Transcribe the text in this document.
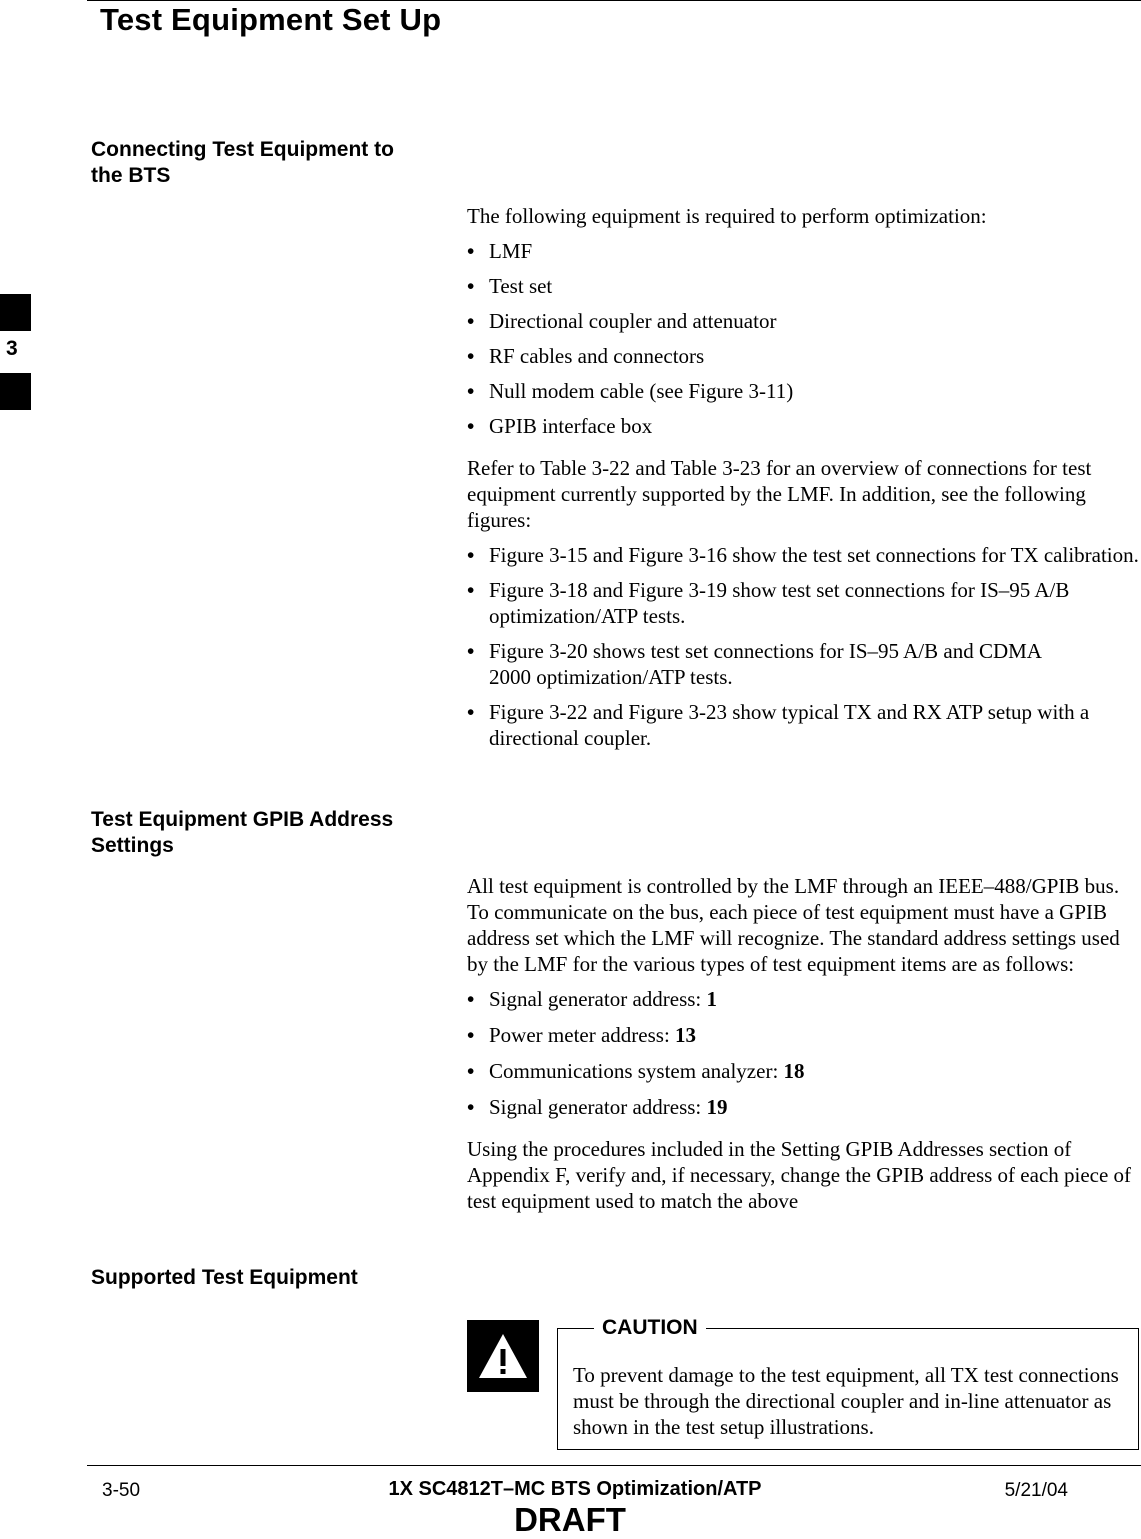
Test Equipment Set Up
3
Connecting Test Equipment to
the BTS

The following equipment is required to perform optimization:

• LMF
• Test set
• Directional coupler and attenuator
• RF cables and connectors
• Null modem cable (see Figure 3-11)
• GPIB interface box

Refer to Table 3-22 and Table 3-23 for an overview of connections for test equipment currently supported by the LMF. In addition, see the following figures:

• Figure 3-15 and Figure 3-16 show the test set connections for TX calibration.
• Figure 3-18 and Figure 3-19 show test set connections for IS–95 A/B optimization/ATP tests.
• Figure 3-20 shows test set connections for IS–95 A/B and CDMA 2000 optimization/ATP tests.
• Figure 3-22 and Figure 3-23 show typical TX and RX ATP setup with a directional coupler.
Test Equipment GPIB Address
Settings

All test equipment is controlled by the LMF through an IEEE–488/GPIB bus. To communicate on the bus, each piece of test equipment must have a GPIB address set which the LMF will recognize. The standard address settings used by the LMF for the various types of test equipment items are as follows:

• Signal generator address: 1
• Power meter address: 13
• Communications system analyzer: 18
• Signal generator address: 19

Using the procedures included in the Setting GPIB Addresses section of Appendix F, verify and, if necessary, change the GPIB address of each piece of test equipment used to match the above

Supported Test Equipment
CAUTION
To prevent damage to the test equipment, all TX test connections must be through the directional coupler and in-line attenuator as shown in the test setup illustrations.
3-50	1X SC4812T–MC BTS Optimization/ATP	5/21/04
DRAFT
